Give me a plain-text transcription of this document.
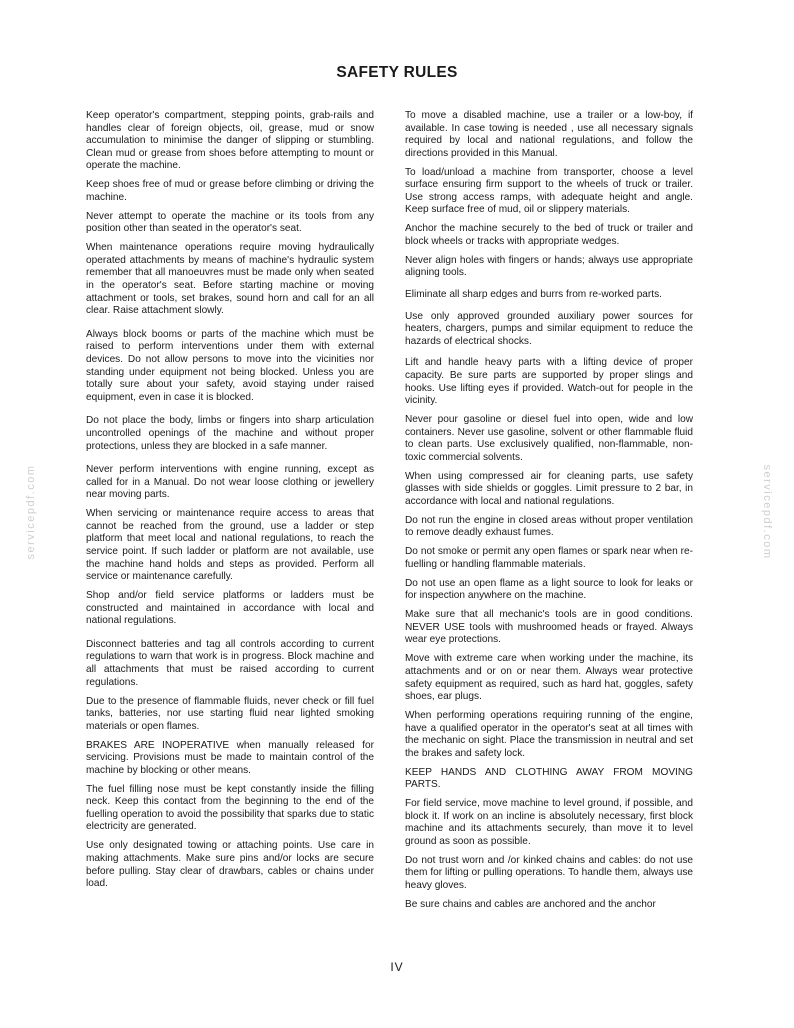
SAFETY RULES

Keep operator's compartment, stepping points, grab-rails and handles clear of foreign objects, oil, grease, mud or snow accumulation to minimise the danger of slipping or stumbling. Clean mud or grease from shoes before attempting to mount or operate the machine.

Keep shoes free of mud or grease before climbing or driving the machine.

Never attempt to operate the machine or its tools from any position other than seated in the operator's seat.

When maintenance operations require moving hydraulically operated attachments by means of machine's hydraulic system remember that all manoeuvres must be made only when seated in the operator's seat. Before starting machine or moving attachment or tools, set brakes, sound horn and call for an all clear. Raise attachment slowly.

Always block booms or parts of the machine which must be raised to perform interventions under them with external devices. Do not allow persons to move into the vicinities nor standing under equipment not being blocked. Unless you are totally sure about your safety, avoid staying under raised equipment, even in case it is blocked.

Do not place the body, limbs or fingers into sharp articulation uncontrolled openings of the machine and without proper protections, unless they are blocked in a safe manner.

Never perform interventions with engine running, except as called for in a Manual. Do not wear loose clothing or jewellery near moving parts.

When servicing or maintenance require access to areas that cannot be reached from the ground, use a ladder or step platform that meet local and national regulations, to reach the service point. If such ladder or platform are not available, use the machine hand holds and steps as provided. Perform all service or maintenance carefully.

Shop and/or field service platforms or ladders must be constructed and maintained in accordance with local and national regulations.

Disconnect batteries and tag all controls according to current regulations to warn that work is in progress. Block machine and all attachments that must be raised according to current regulations.

Due to the presence of flammable fluids, never check or fill fuel tanks, batteries, nor use starting fluid near lighted smoking materials or open flames.

BRAKES ARE INOPERATIVE when manually released for servicing. Provisions must be made to maintain control of the machine by blocking or other means.

The fuel filling nose must be kept constantly inside the filling neck. Keep this contact from the beginning to the end of the fuelling operation to avoid the possibility that sparks due to static electricity are generated.

Use only designated towing or attaching points. Use care in making attachments. Make sure pins and/or locks are secure before pulling. Stay clear of drawbars, cables or chains under load.

To move a disabled machine, use a trailer or a low-boy, if available. In case towing is needed , use all necessary signals required by local and national regulations, and follow the directions provided in this Manual.

To load/unload a machine from transporter, choose a level surface ensuring firm support to the wheels of truck or trailer. Use strong access ramps, with adequate height and angle. Keep surface free of mud, oil or slippery materials.

Anchor the machine securely to the bed of truck or trailer and block wheels or tracks with appropriate wedges.

Never align holes with fingers or hands; always use appropriate aligning tools.

Eliminate all sharp edges and burrs from re-worked parts.

Use only approved grounded auxiliary power sources for heaters, chargers, pumps and similar equipment to reduce the hazards of electrical shocks.

Lift and handle heavy parts with a lifting device of proper capacity. Be sure parts are supported by proper slings and hooks. Use lifting eyes if provided. Watch-out for people in the vicinity.

Never pour gasoline or diesel fuel into open, wide and low containers. Never use gasoline, solvent or other flammable fluid to clean parts. Use exclusively qualified, non-flammable, non-toxic commercial solvents.

When using compressed air for cleaning parts, use safety glasses with side shields or goggles. Limit pressure to 2 bar, in accordance with local and national regulations.

Do not run the engine in closed areas without proper ventilation to remove deadly exhaust fumes.

Do not smoke or permit any open flames or spark near when re-fuelling or handling flammable materials.

Do not use an open flame as a light source to look for leaks or for inspection anywhere on the machine.

Make sure that all mechanic's tools are in good conditions. NEVER USE tools with mushroomed heads or frayed. Always wear eye protections.

Move with extreme care when working under the machine, its attachments and or on or near them. Always wear protective safety equipment as required, such as hard hat, goggles, safety shoes, ear plugs.

When performing operations requiring running of the engine, have a qualified operator in the operator's seat at all times with the mechanic on sight. Place the transmission in neutral and set the brakes and safety lock.

KEEP HANDS AND CLOTHING AWAY FROM MOVING PARTS.

For field service, move machine to level ground, if possible, and block it. If work on an incline is absolutely necessary, first block machine and its attachments securely, than move it to level ground as soon as possible.

Do not trust worn and /or kinked chains and cables: do not use them for lifting or pulling operations. To handle them, always use heavy gloves.

Be sure chains and cables are anchored and the anchor

IV
servicepdf.com	servicepdf.com
